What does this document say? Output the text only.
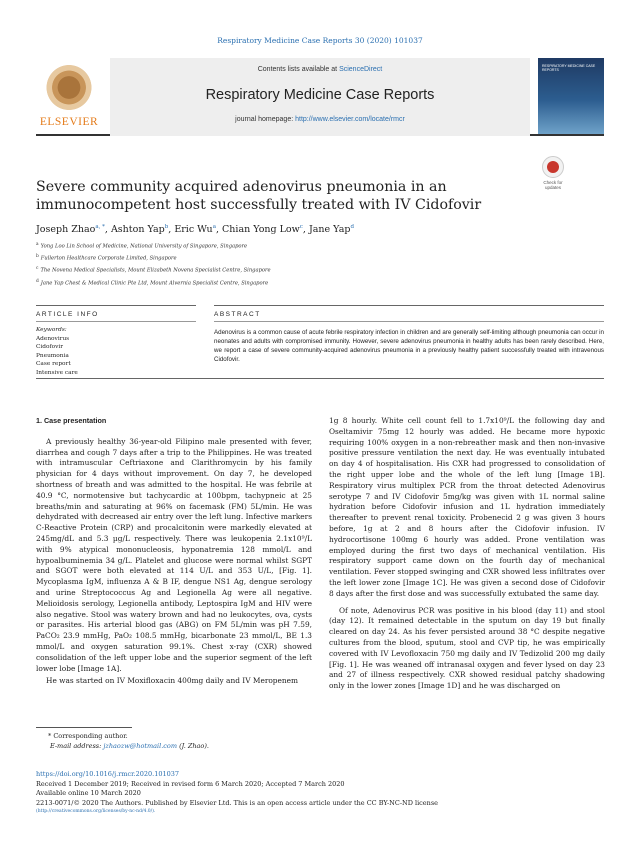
Respiratory Medicine Case Reports 30 (2020) 101037
ELSEVIER
Contents lists available at ScienceDirect
Respiratory Medicine Case Reports
journal homepage: http://www.elsevier.com/locate/rmcr
RESPIRATORY MEDICINE CASE REPORTS
Check for
updates
Severe community acquired adenovirus pneumonia in an
immunocompetent host successfully treated with IV Cidofovir
Joseph Zhao$^{a, *}$, Ashton Yap$^b$, Eric Wu$^a$, Chian Yong Low$^c$, Jane Yap$^d$
$^a$ Yong Loo Lin School of Medicine, National University of Singapore, Singapore
$^b$ Fullerton Healthcare Corporate Limited, Singapore
$^c$ The Novena Medical Specialists, Mount Elizabeth Novena Specialist Centre, Singapore
$^d$ Jane Yap Chest & Medical Clinic Pte Ltd, Mount Alvernia Specialist Centre, Singapore
ARTICLE INFO	ABSTRACT
Keywords:
Adenovirus
Cidofovir
Pneumonia
Case report
Intensive care
Adenovirus is a common cause of acute febrile respiratory infection in children and are generally self-limiting although pneumonia can occur in neonates and adults with compromised immunity. However, severe adenovirus pneumonia in healthy adults has been rarely described. Here, we report a case of severe community-acquired adenovirus pneumonia in a previously healthy patient successfully treated with intravenous Cidofovir.
1. Case presentation

A previously healthy 36-year-old Filipino male presented with fever, diarrhea and cough 7 days after a trip to the Philippines. He was treated with intramuscular Ceftriaxone and Clarithromycin by his family physician for 4 days without improvement. On day 7, he developed shortness of breath and was admitted to the hospital. He was febrile at 40.9 °C, normotensive but tachycardic at 100bpm, tachypneic at 25 breaths/min and saturating at 96% on facemask (FM) 5L/min. He was dehydrated with decreased air entry over the left lung. Infective markers C-Reactive Protein (CRP) and procalcitonin were markedly elevated at 245mg/dL and 5.3 µg/L respectively. There was leukopenia 2.1x10⁹/L with 9% atypical mononucleosis, hyponatremia 128 mmol/L and hypoalbuminemia 34 g/L. Platelet and glucose were normal whilst SGPT and SGOT were both elevated at 114 U/L and 353 U/L, [Fig. 1]. Mycoplasma IgM, influenza A & B IF, dengue NS1 Ag, dengue serology and urine Streptococcus Ag and Legionella Ag were all negative. Melioidosis serology, Legionella antibody, Leptospira IgM and HIV were also negative. Stool was watery brown and had no leukocytes, ova, cysts or parasites. His arterial blood gas (ABG) on FM 5L/min was pH 7.59, PaCO₂ 23.9 mmHg, PaO₂ 108.5 mmHg, bicarbonate 23 mmol/L, BE 1.3 mmol/L and oxygen saturation 99.1%. Chest x-ray (CXR) showed consolidation of the left upper lobe and the superior segment of the left lower lobe [Image 1A].

He was started on IV Moxifloxacin 400mg daily and IV Meropenem

1g 8 hourly. White cell count fell to 1.7x10⁹/L the following day and Oseltamivir 75mg 12 hourly was added. He became more hypoxic requiring 100% oxygen in a non-rebreather mask and then non-invasive positive pressure ventilation the next day. He was eventually intubated on day 4 of hospitalisation. His CXR had progressed to consolidation of the right upper lobe and the whole of the left lung [Image 1B]. Respiratory virus multiplex PCR from the throat detected Adenovirus serotype 7 and IV Cidofovir 5mg/kg was given with 1L normal saline hydration before Cidofovir infusion and 1L hydration immediately thereafter to prevent renal toxicity. Probenecid 2 g was given 3 hours before, 1g at 2 and 8 hours after the Cidofovir infusion. IV hydrocortisone 100mg 6 hourly was added. Prone ventilation was employed during the first two days of mechanical ventilation. His respiratory support came down on the fourth day of mechanical ventilation. Fever stopped swinging and CXR showed less infiltrates over the left lower zone [Image 1C]. He was given a second dose of Cidofovir 8 days after the first dose and was successfully extubated the same day.

Of note, Adenovirus PCR was positive in his blood (day 11) and stool (day 12). It remained detectable in the sputum on day 19 but finally cleared on day 24. As his fever persisted around 38 °C despite negative cultures from the blood, sputum, stool and CVP tip, he was empirically covered with IV Levofloxacin 750 mg daily and IV Tedizolid 200 mg daily [Fig. 1]. He was weaned off intranasal oxygen and fever lysed on day 23 and 27 of illness respectively. CXR showed residual patchy shadowing only in the lower zones [Image 1D] and he was discharged on

* Corresponding author.
E-mail address: jzhaozw@hotmail.com (J. Zhao).
https://doi.org/10.1016/j.rmcr.2020.101037
Received 1 December 2019; Received in revised form 6 March 2020; Accepted 7 March 2020
Available online 10 March 2020
2213-0071/© 2020 The Authors. Published by Elsevier Ltd. This is an open access article under the CC BY-NC-ND license
(http://creativecommons.org/licenses/by-nc-nd/4.0/).
